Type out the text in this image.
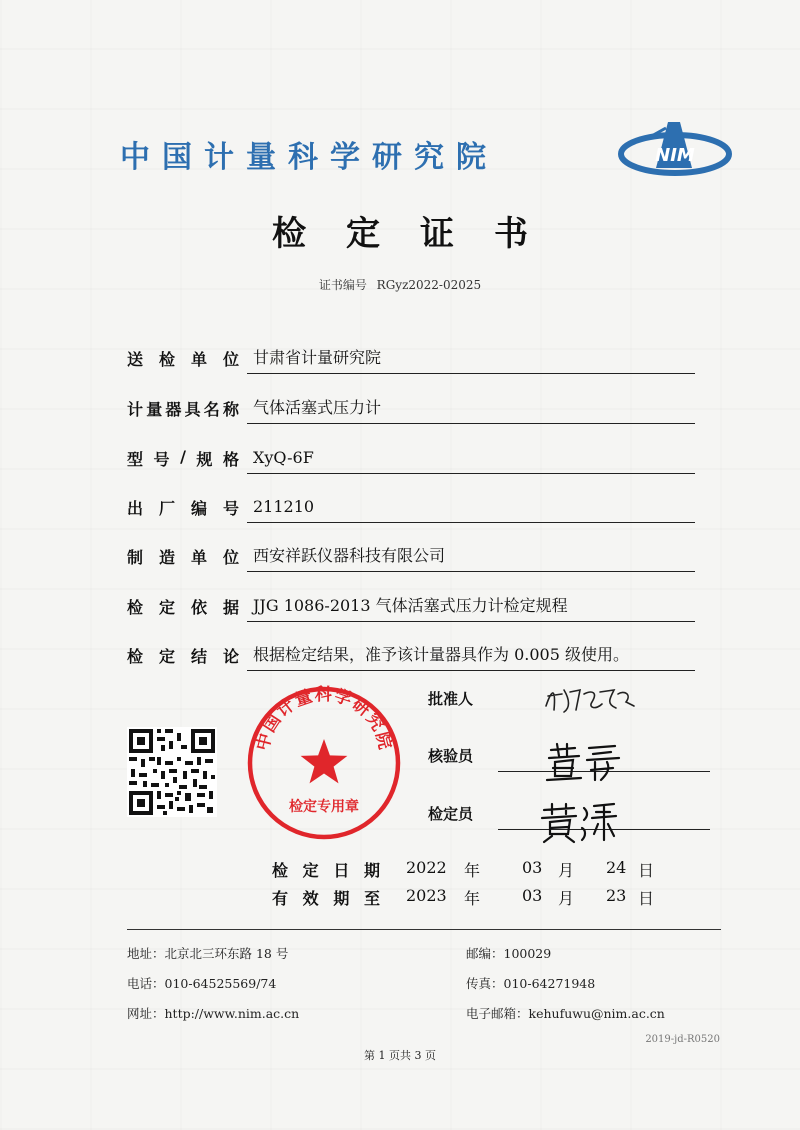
中国计量科学研究院	NIM
检定证书
证书编号 RGyz2022-02025
送 检 单 位 甘肃省计量研究院
计 量 器 具 名 称 气体活塞式压力计
型 号 / 规 格 XyQ-6F
出 厂 编 号 211210
制 造 单 位 西安祥跃仪器科技有限公司
检 定 依 据 JJG 1086-2013 气体活塞式压力计检定规程
检 定 结 论 根据检定结果，准予该计量器具作为 0.005 级使用。
中国计量科学研究院
检定专用章
批准人
核验员
检定员
检 定 日 期 2022 年	03 月 24 日
有 效 期 至 2023 年	03 月 23 日
地址：北京北三环东路 18 号	邮编：100029
电话：010-64525569/74	传真：010-64271948
网址：http://www.nim.ac.cn	电子邮箱：kehufuwu@nim.ac.cn
2019-jd-R0520
第 1 页共 3 页
